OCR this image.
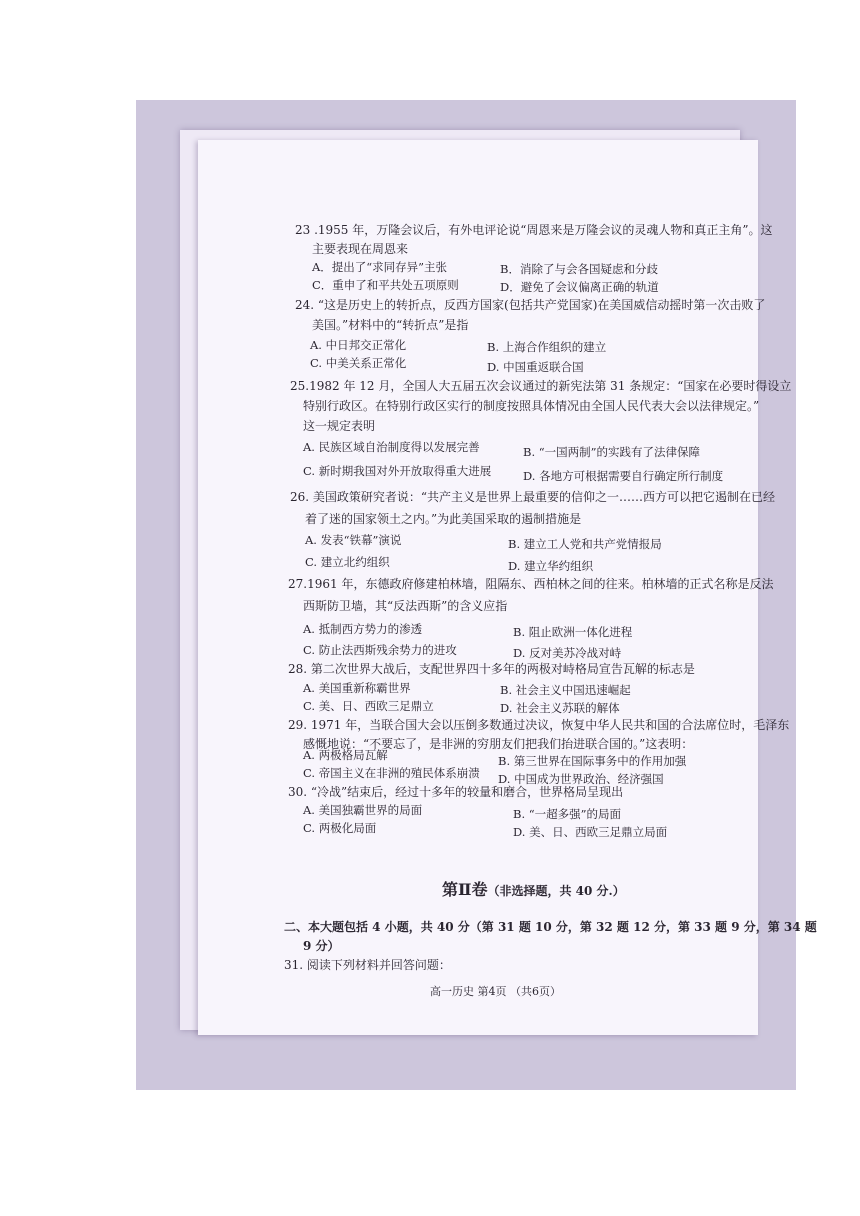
23 .1955 年，万隆会议后，有外电评论说“周恩来是万隆会议的灵魂人物和真正主角”。这
主要表现在周恩来
A．提出了“求同存异”主张	B．消除了与会各国疑虑和分歧
C．重申了和平共处五项原则	D．避免了会议偏离正确的轨道
24. “这是历史上的转折点，反西方国家(包括共产党国家)在美国威信动摇时第一次击败了
美国。”材料中的“转折点”是指
A. 中日邦交正常化	B. 上海合作组织的建立
C. 中美关系正常化	D. 中国重返联合国
25.1982 年 12 月，全国人大五届五次会议通过的新宪法第 31 条规定：“国家在必要时得设立
特别行政区。在特别行政区实行的制度按照具体情况由全国人民代表大会以法律规定。”
这一规定表明
A. 民族区域自治制度得以发展完善	B. “一国两制”的实践有了法律保障
C. 新时期我国对外开放取得重大进展	D. 各地方可根据需要自行确定所行制度
26. 美国政策研究者说：“共产主义是世界上最重要的信仰之一……西方可以把它遏制在已经
着了迷的国家领土之内。”为此美国采取的遏制措施是
A. 发表“铁幕”演说	B. 建立工人党和共产党情报局
C. 建立北约组织	D. 建立华约组织
27.1961 年，东德政府修建柏林墙，阻隔东、西柏林之间的往来。柏林墙的正式名称是反法
西斯防卫墙，其“反法西斯”的含义应指
A. 抵制西方势力的渗透	B. 阻止欧洲一体化进程
C. 防止法西斯残余势力的进攻	D. 反对美苏冷战对峙
28. 第二次世界大战后，支配世界四十多年的两极对峙格局宣告瓦解的标志是
A. 美国重新称霸世界	B. 社会主义中国迅速崛起
C. 美、日、西欧三足鼎立	D. 社会主义苏联的解体
29. 1971 年，当联合国大会以压倒多数通过决议，恢复中华人民共和国的合法席位时，毛泽东
感慨地说：“不要忘了，是非洲的穷朋友们把我们抬进联合国的。”这表明：
A. 两极格局瓦解	B. 第三世界在国际事务中的作用加强
C. 帝国主义在非洲的殖民体系崩溃 D. 中国成为世界政治、经济强国
30. “冷战”结束后，经过十多年的较量和磨合，世界格局呈现出
A. 美国独霸世界的局面	B. “一超多强”的局面
C. 两极化局面	D. 美、日、西欧三足鼎立局面
第Ⅱ卷（非选择题，共 40 分.）
二、本大题包括 4 小题，共 40 分（第 31 题 10 分，第 32 题 12 分，第 33 题 9 分，第 34 题
9 分）
31. 阅读下列材料并回答问题：
高一历史 第4页 （共6页）
